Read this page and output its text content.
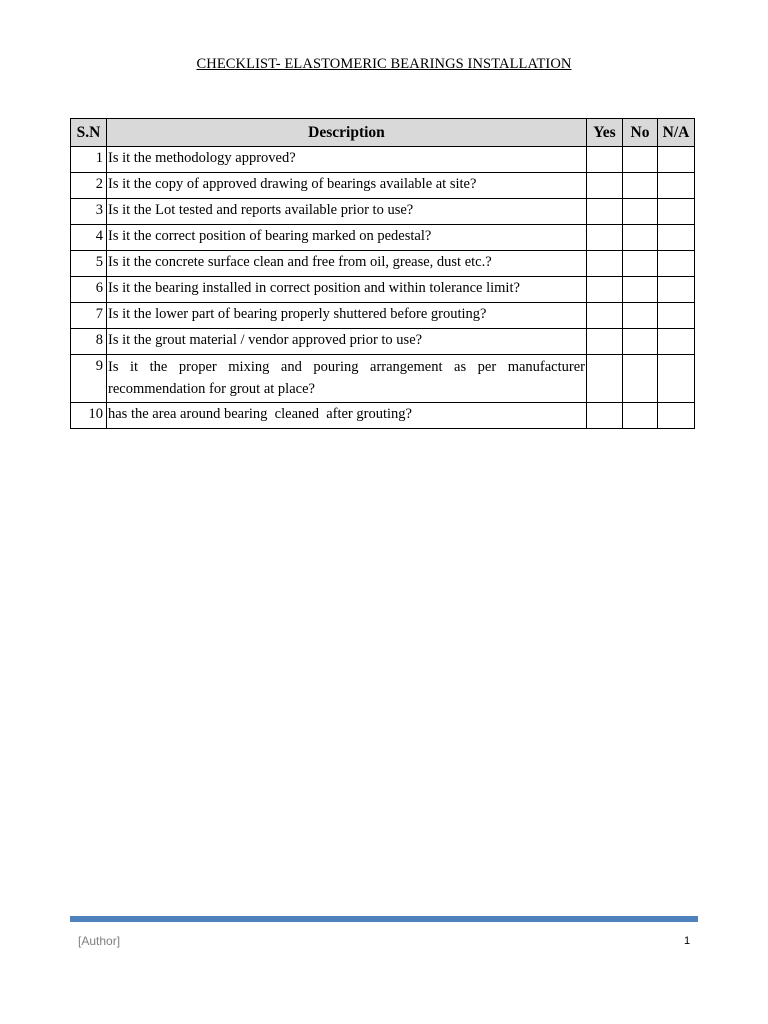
CHECKLIST- ELASTOMERIC BEARINGS INSTALLATION
S.N	Description	Yes	No	N/A
1	Is it the methodology approved?			
2	Is it the copy of approved drawing of bearings available at site?			
3	Is it the Lot tested and reports available prior to use?			
4	Is it the correct position of bearing marked on pedestal?			
5	Is it the concrete surface clean and free from oil, grease, dust etc.?			
6	Is it the bearing installed in correct position and within tolerance limit?			
7	Is it the lower part of bearing properly shuttered before grouting?			
8	Is it the grout material / vendor approved prior to use?			
9	Is it the proper mixing and pouring arrangement as per manufacturer recommendation for grout at place?			
10	has the area around bearing  cleaned  after grouting?			
[Author]	1
